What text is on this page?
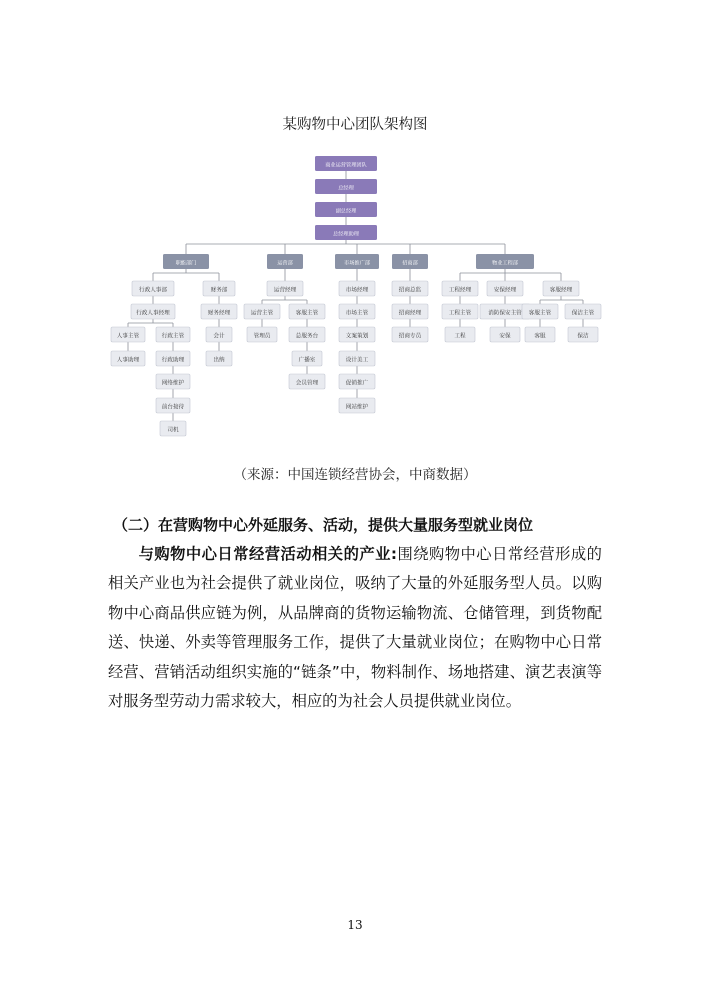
某购物中心团队架构图
商业运营管理团队
总经理
副总经理
总经理助理
职能部门	运营部	市场推广部	招商部	物业工程部
行政人事部	财务部
行政人事经理	财务经理
人事主管	行政主管
人事助理	行政助理
网络维护
前台接待
司机
会计
出纳
运营经理
运营主管	客服主管
管理员	总服务台
广播室
会员管理
市场经理
市场主管
文案策划
设计美工
促销推广
网站维护
招商总监
招商经理
招商专员
工程经理	安保经理	客服经理
工程主管	消防保安主管 客服主管	保洁主管
工程	安保	客服	保洁
（来源：中国连锁经营协会，中商数据）
（二）在营购物中心外延服务、活动，提供大量服务型就业岗位
与购物中心日常经营活动相关的产业:围绕购物中心日常经营形成的相关产业也为社会提供了就业岗位，吸纳了大量的外延服务型人员。以购物中心商品供应链为例，从品牌商的货物运输物流、仓储管理，到货物配送、快递、外卖等管理服务工作，提供了大量就业岗位；在购物中心日常经营、营销活动组织实施的“链条”中，物料制作、场地搭建、演艺表演等对服务型劳动力需求较大，相应的为社会人员提供就业岗位。
13
